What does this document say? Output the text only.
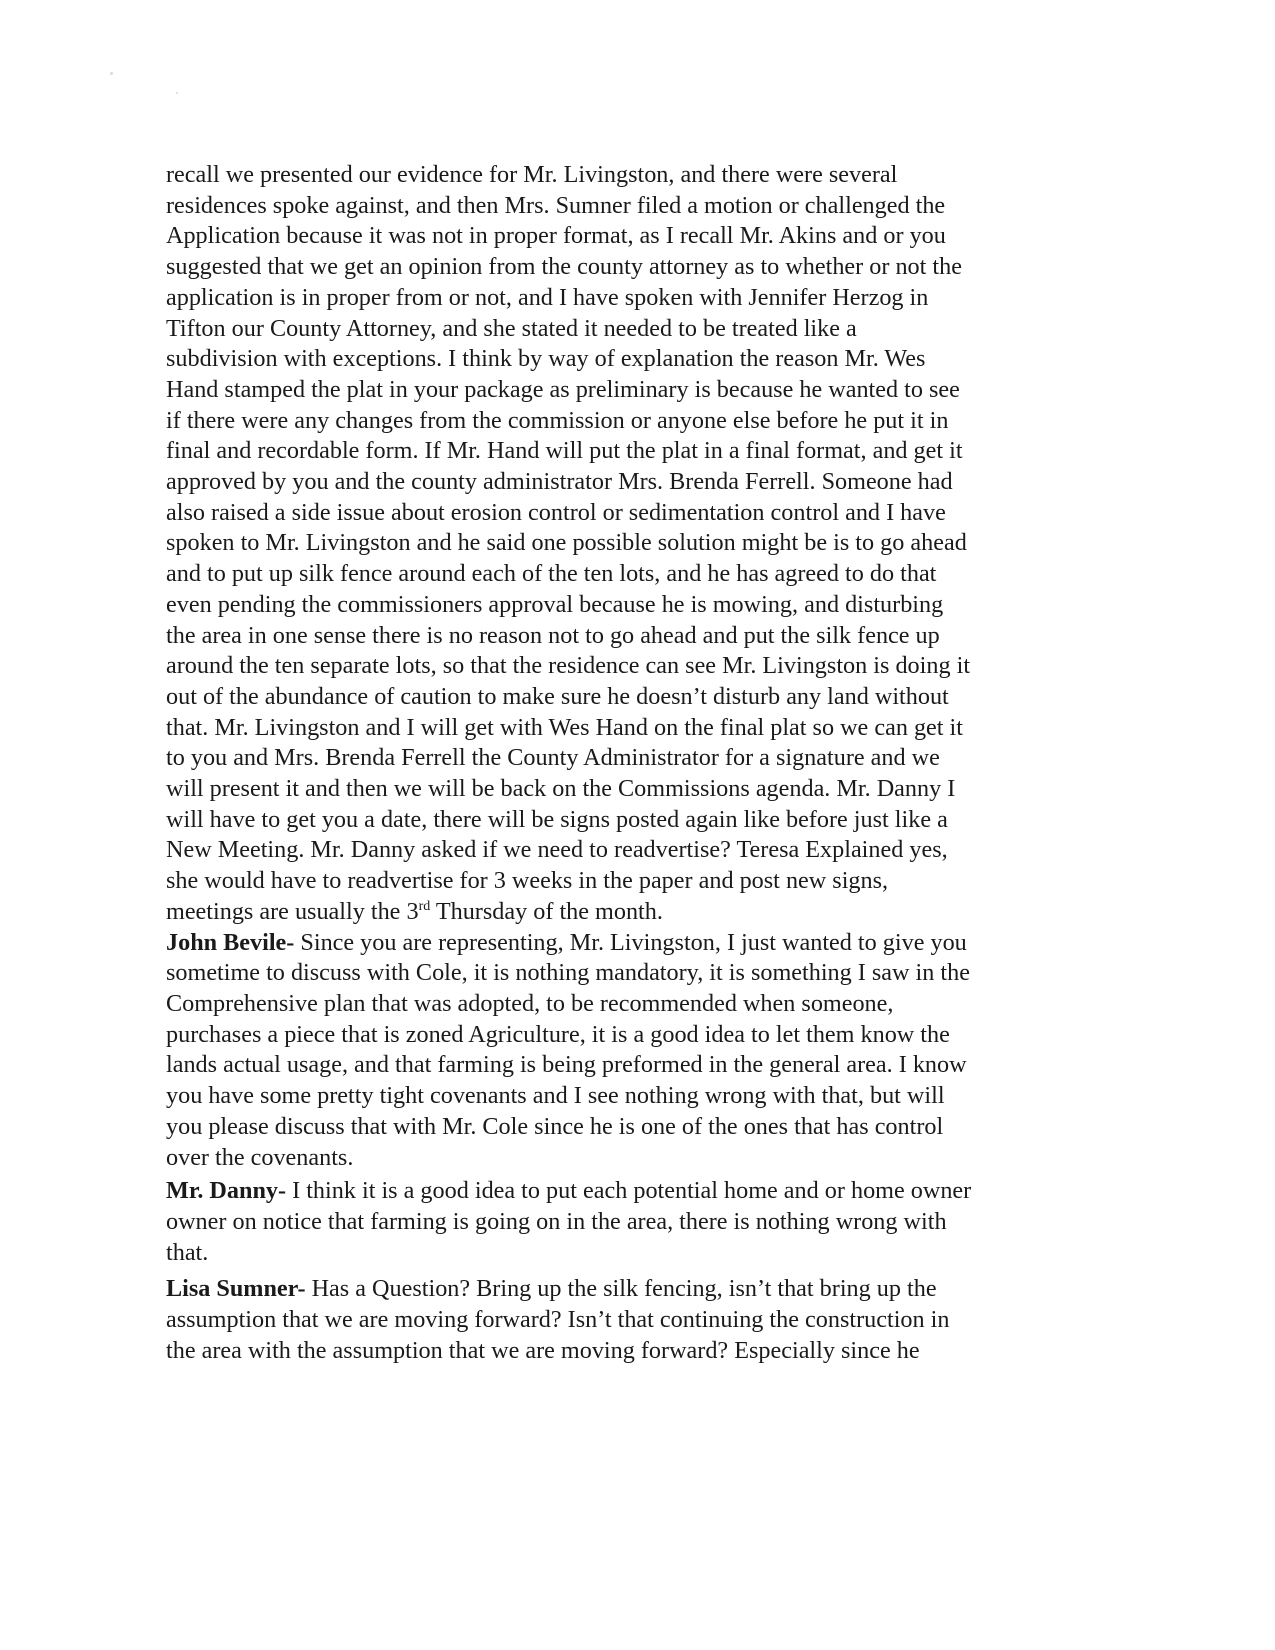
recall we presented our evidence for Mr. Livingston, and there were several
residences spoke against, and then Mrs. Sumner filed a motion or challenged the
Application because it was not in proper format, as I recall Mr. Akins and or you
suggested that we get an opinion from the county attorney as to whether or not the
application is in proper from or not, and I have spoken with Jennifer Herzog in
Tifton our County Attorney, and she stated it needed to be treated like a
subdivision with exceptions. I think by way of explanation the reason Mr. Wes
Hand stamped the plat in your package as preliminary is because he wanted to see
if there were any changes from the commission or anyone else before he put it in
final and recordable form. If Mr. Hand will put the plat in a final format, and get it
approved by you and the county administrator Mrs. Brenda Ferrell. Someone had
also raised a side issue about erosion control or sedimentation control and I have
spoken to Mr. Livingston and he said one possible solution might be is to go ahead
and to put up silk fence around each of the ten lots, and he has agreed to do that
even pending the commissioners approval because he is mowing, and disturbing
the area in one sense there is no reason not to go ahead and put the silk fence up
around the ten separate lots, so that the residence can see Mr. Livingston is doing it
out of the abundance of caution to make sure he doesn’t disturb any land without
that. Mr. Livingston and I will get with Wes Hand on the final plat so we can get it
to you and Mrs. Brenda Ferrell the County Administrator for a signature and we
will present it and then we will be back on the Commissions agenda. Mr. Danny I
will have to get you a date, there will be signs posted again like before just like a
New Meeting. Mr. Danny asked if we need to readvertise? Teresa Explained yes,
she would have to readvertise for 3 weeks in the paper and post new signs,
meetings are usually the 3rd Thursday of the month.

John Bevile- Since you are representing, Mr. Livingston, I just wanted to give you
sometime to discuss with Cole, it is nothing mandatory, it is something I saw in the
Comprehensive plan that was adopted, to be recommended when someone,
purchases a piece that is zoned Agriculture, it is a good idea to let them know the
lands actual usage, and that farming is being preformed in the general area. I know
you have some pretty tight covenants and I see nothing wrong with that, but will
you please discuss that with Mr. Cole since he is one of the ones that has control
over the covenants.

Mr. Danny- I think it is a good idea to put each potential home and or home owner
owner on notice that farming is going on in the area, there is nothing wrong with
that.

Lisa Sumner- Has a Question? Bring up the silk fencing, isn’t that bring up the
assumption that we are moving forward? Isn’t that continuing the construction in
the area with the assumption that we are moving forward? Especially since he
